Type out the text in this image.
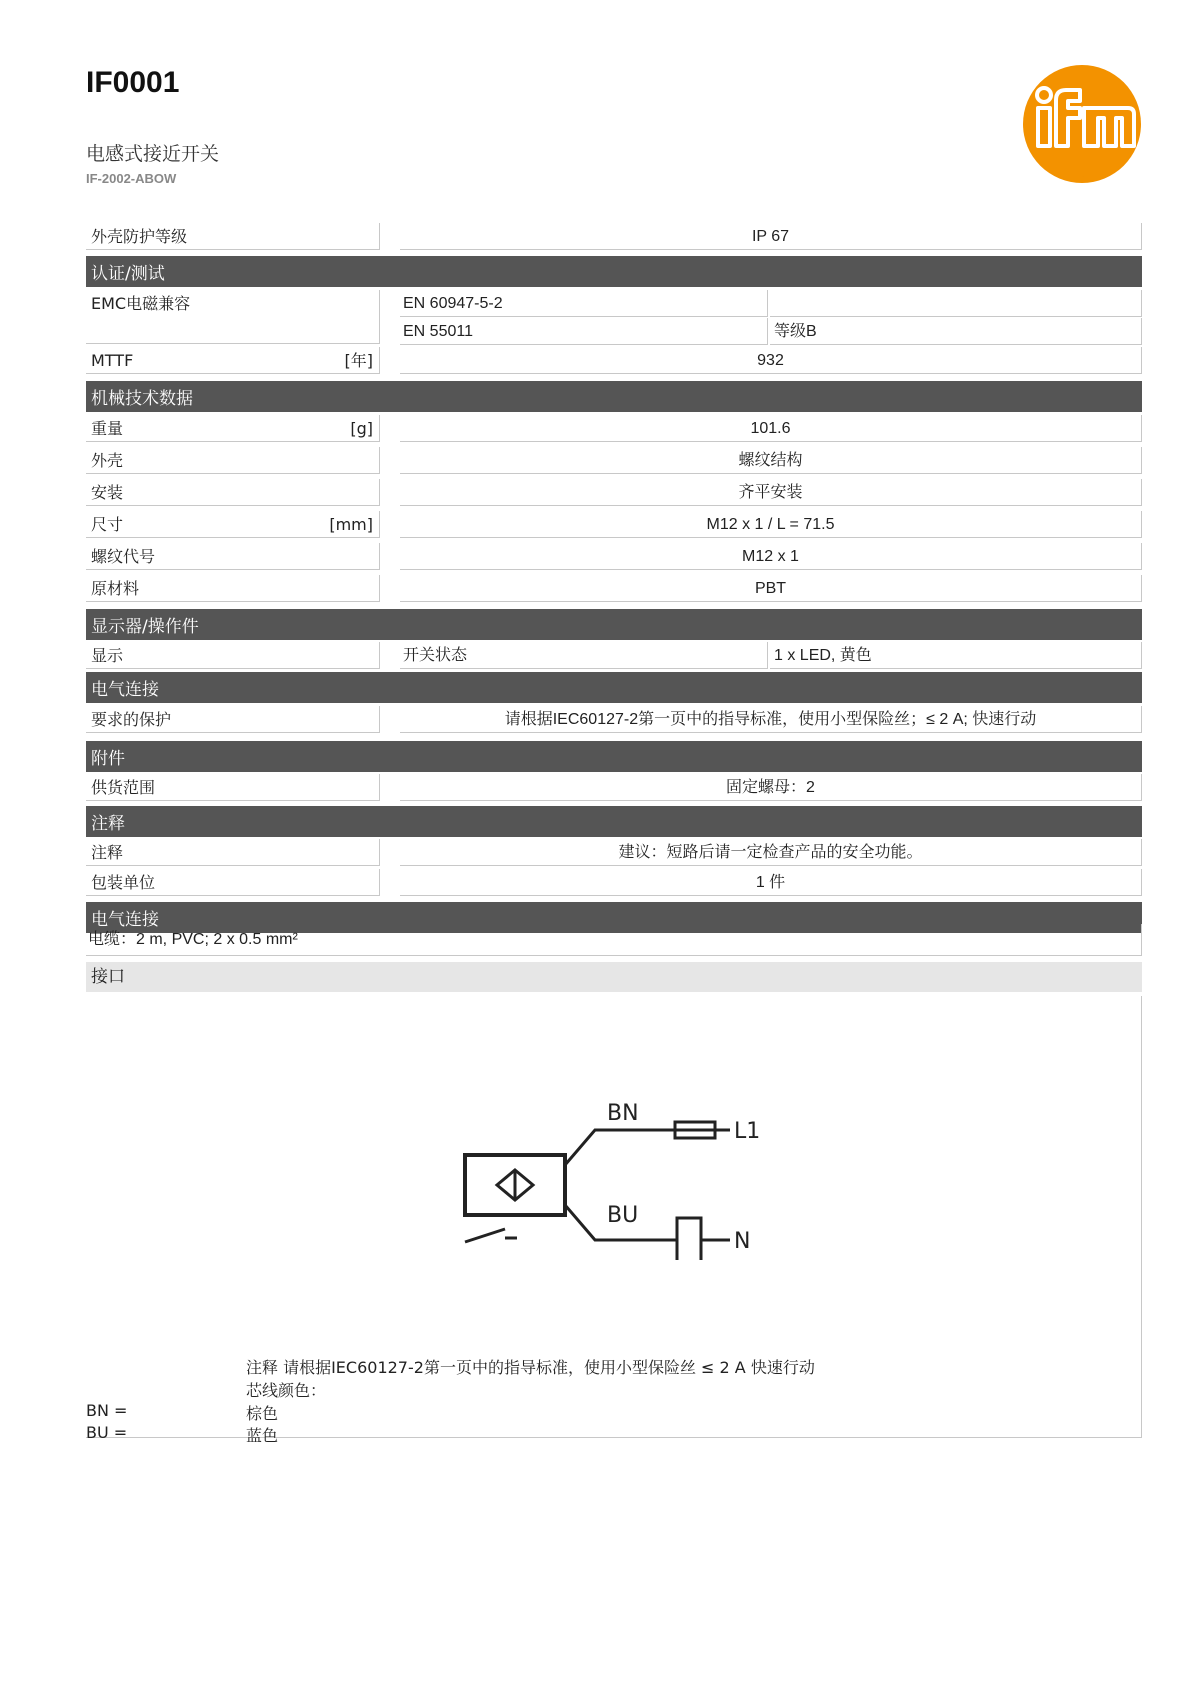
IF0001
电感式接近开关
IF-2002-ABOW	ifm
外壳防护等级	IP 67
认证/测试
EMC电磁兼容	EN 60947-5-2
EN 55011	等级B
MTTF	[年]	932
机械技术数据
重量	[g]	101.6
外壳	螺纹结构
安装	齐平安装
尺寸	[mm]	M12 x 1 / L = 71.5
螺纹代号	M12 x 1
原材料	PBT
显示器/操作件
显示	开关状态	1 x LED, 黄色
电气连接
要求的保护	请根据IEC60127-2第一页中的指导标准，使用小型保险丝；≤ 2 A; 快速行动
附件
供货范围	固定螺母：2
注释
注释	建议：短路后请一定检查产品的安全功能。
包装单位	1 件
电气连接
电缆：2 m, PVC; 2 x 0.5 mm²
接口
BN
BU
L1
N
注释 请根据IEC60127-2第一页中的指导标准，使用小型保险丝 ≤ 2 A 快速行动
芯线颜色：
BN =	棕色
BU =	蓝色
